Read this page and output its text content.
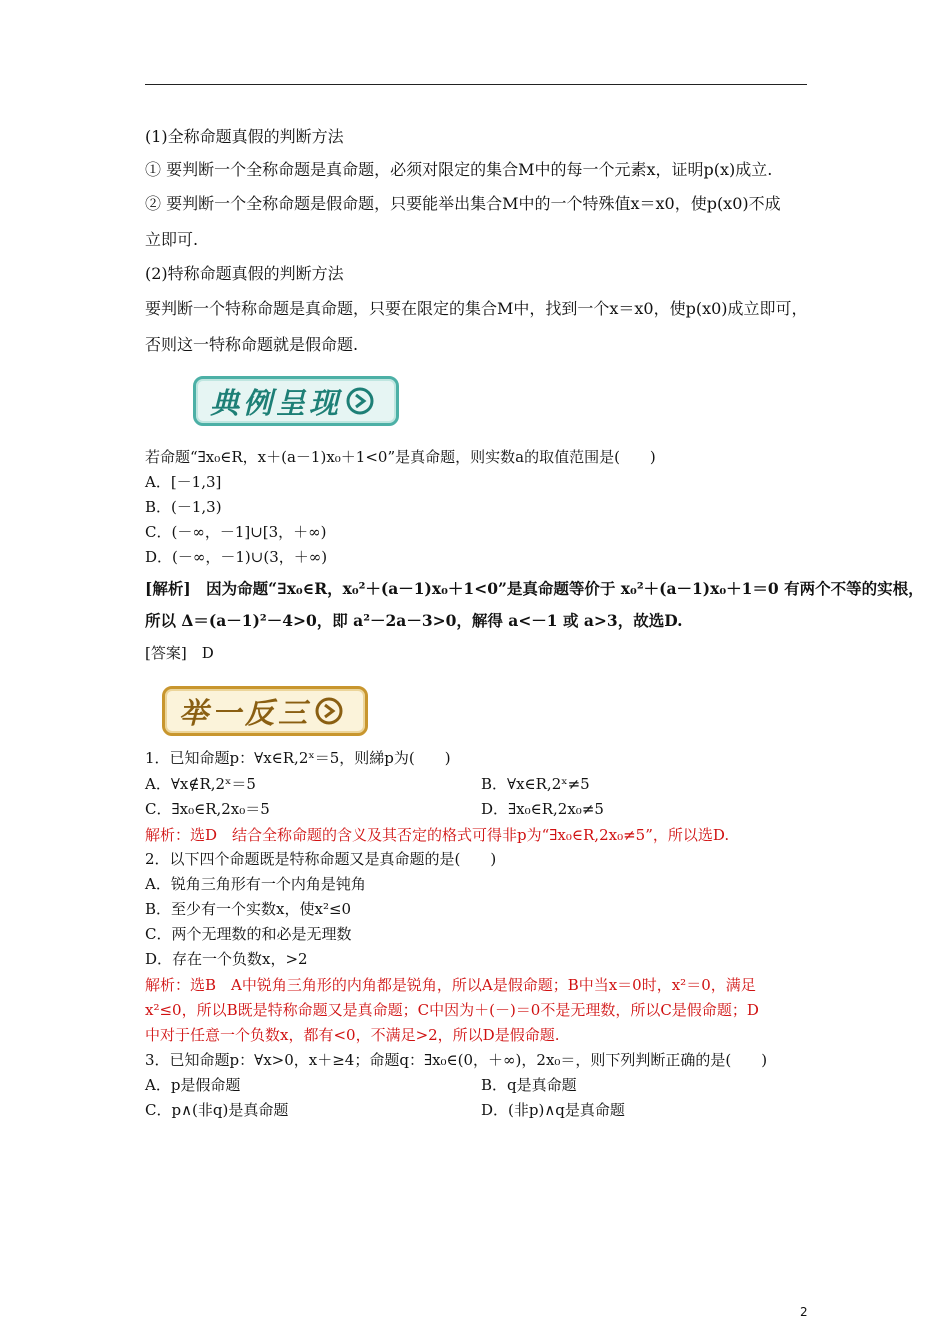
(1)全称命题真假的判断方法
① 要判断一个全称命题是真命题，必须对限定的集合M中的每一个元素x，证明p(x)成立.
② 要判断一个全称命题是假命题，只要能举出集合M中的一个特殊值x＝x0，使p(x0)不成
立即可.
(2)特称命题真假的判断方法
要判断一个特称命题是真命题，只要在限定的集合M中，找到一个x＝x0，使p(x0)成立即可，
否则这一特称命题就是假命题.
典例呈现
若命题“∃x₀∈R，x＋(a－1)x₀＋1<0”是真命题，则实数a的取值范围是(　　)
A．[－1,3]
B．(－1,3)
C．(－∞，－1]∪[3，＋∞)
D．(－∞，－1)∪(3，＋∞)
[解析]　因为命题“∃x₀∈R，x₀²＋(a－1)x₀＋1<0”是真命题等价于 x₀²＋(a－1)x₀＋1＝0 有两个不等的实根，
所以 Δ＝(a－1)²－4>0，即 a²－2a－3>0，解得 a<－1 或 a>3，故选D.
[答案]　D
举一反三
1．已知命题p：∀x∈R,2ˣ＝5，则綈p为(　　)
A．∀x∉R,2ˣ＝5	B．∀x∈R,2ˣ≠5
C．∃x₀∈R,2x₀＝5	D．∃x₀∈R,2x₀≠5
解析：选D　结合全称命题的含义及其否定的格式可得非p为“∃x₀∈R,2x₀≠5”，所以选D.
2．以下四个命题既是特称命题又是真命题的是(　　)
A．锐角三角形有一个内角是钝角
B．至少有一个实数x，使x²≤0
C．两个无理数的和必是无理数
D．存在一个负数x，>2
解析：选B　A中锐角三角形的内角都是锐角，所以A是假命题；B中当x＝0时，x²＝0，满足
x²≤0，所以B既是特称命题又是真命题；C中因为＋(－)＝0不是无理数，所以C是假命题；D
中对于任意一个负数x，都有<0，不满足>2，所以D是假命题.
3．已知命题p：∀x>0，x＋≥4；命题q：∃x₀∈(0，＋∞)，2x₀＝，则下列判断正确的是(　　)
A．p是假命题	B．q是真命题
C．p∧(非q)是真命题	D．(非p)∧q是真命题
2
